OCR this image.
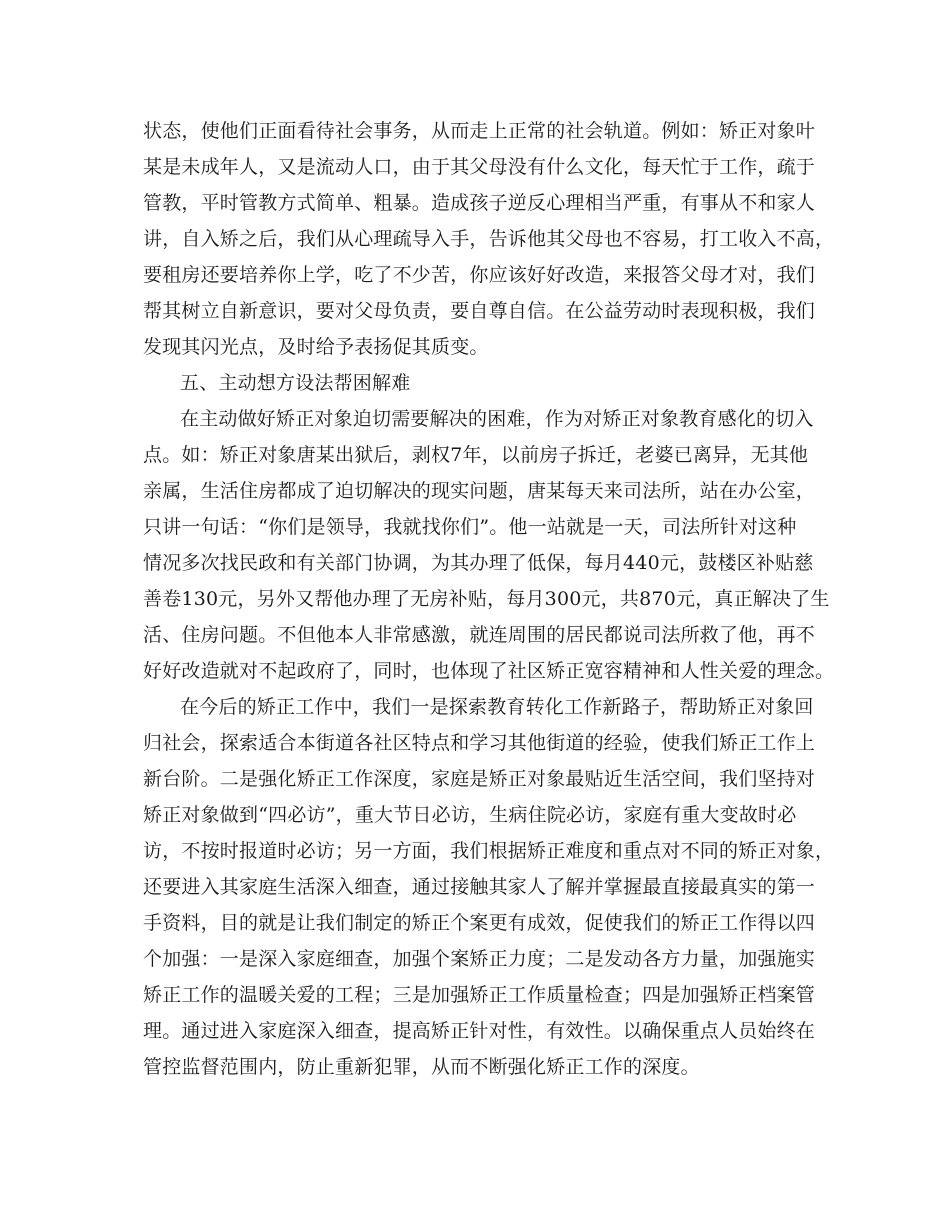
状态，使他们正面看待社会事务，从而走上正常的社会轨道。例如：矫正对象叶
某是未成年人，又是流动人口，由于其父母没有什么文化，每天忙于工作，疏于
管教，平时管教方式简单、粗暴。造成孩子逆反心理相当严重，有事从不和家人
讲，自入矫之后，我们从心理疏导入手，告诉他其父母也不容易，打工收入不高，
要租房还要培养你上学，吃了不少苦，你应该好好改造，来报答父母才对，我们
帮其树立自新意识，要对父母负责，要自尊自信。在公益劳动时表现积极，我们
发现其闪光点，及时给予表扬促其质变。
五、主动想方设法帮困解难
在主动做好矫正对象迫切需要解决的困难，作为对矫正对象教育感化的切入
点。如：矫正对象唐某出狱后，剥权7年，以前房子拆迁，老婆已离异，无其他
亲属，生活住房都成了迫切解决的现实问题，唐某每天来司法所，站在办公室，
只讲一句话：“你们是领导，我就找你们”。他一站就是一天，司法所针对这种
情况多次找民政和有关部门协调，为其办理了低保，每月440元，鼓楼区补贴慈
善卷130元，另外又帮他办理了无房补贴，每月300元，共870元，真正解决了生
活、住房问题。不但他本人非常感激，就连周围的居民都说司法所救了他，再不
好好改造就对不起政府了，同时，也体现了社区矫正宽容精神和人性关爱的理念。
在今后的矫正工作中，我们一是探索教育转化工作新路子，帮助矫正对象回
归社会，探索适合本街道各社区特点和学习其他街道的经验，使我们矫正工作上
新台阶。二是强化矫正工作深度，家庭是矫正对象最贴近生活空间，我们坚持对
矫正对象做到“四必访”，重大节日必访，生病住院必访，家庭有重大变故时必
访，不按时报道时必访；另一方面，我们根据矫正难度和重点对不同的矫正对象，
还要进入其家庭生活深入细查，通过接触其家人了解并掌握最直接最真实的第一
手资料，目的就是让我们制定的矫正个案更有成效，促使我们的矫正工作得以四
个加强：一是深入家庭细查，加强个案矫正力度；二是发动各方力量，加强施实
矫正工作的温暖关爱的工程；三是加强矫正工作质量检查；四是加强矫正档案管
理。通过进入家庭深入细查，提高矫正针对性，有效性。以确保重点人员始终在
管控监督范围内，防止重新犯罪，从而不断强化矫正工作的深度。
